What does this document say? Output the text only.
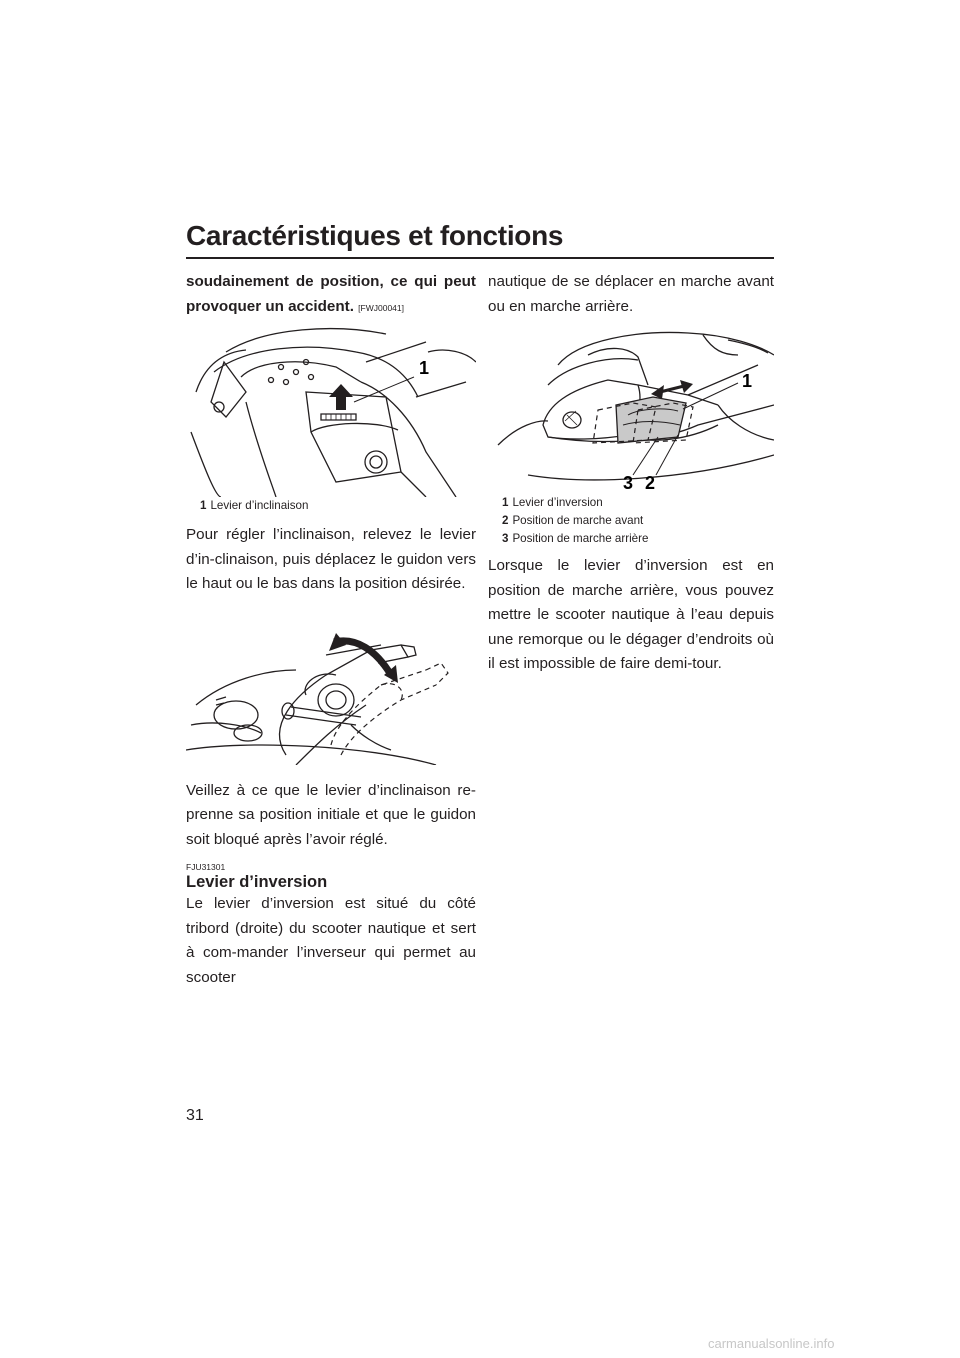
Caractéristiques et fonctions

soudainement de position, ce qui peut provoquer un accident. [FWJ00041]

1

1 Levier d’inclinaison

Pour régler l’inclinaison, relevez le levier d’in-clinaison, puis déplacez le guidon vers le haut ou le bas dans la position désirée.

Veillez à ce que le levier d’inclinaison re-prenne sa position initiale et que le guidon soit bloqué après l’avoir réglé.

FJU31301
Levier d’inversion

Le levier d’inversion est situé du côté tribord (droite) du scooter nautique et sert à com-mander l’inverseur qui permet au scooter

nautique de se déplacer en marche avant ou en marche arrière.

1
3 2

1 Levier d’inversion

2 Position de marche avant

3 Position de marche arrière

Lorsque le levier d’inversion est en position de marche arrière, vous pouvez mettre le scooter nautique à l’eau depuis une remorque ou le dégager d’endroits où il est impossible de faire demi-tour.

31
carmanualsonline.info
